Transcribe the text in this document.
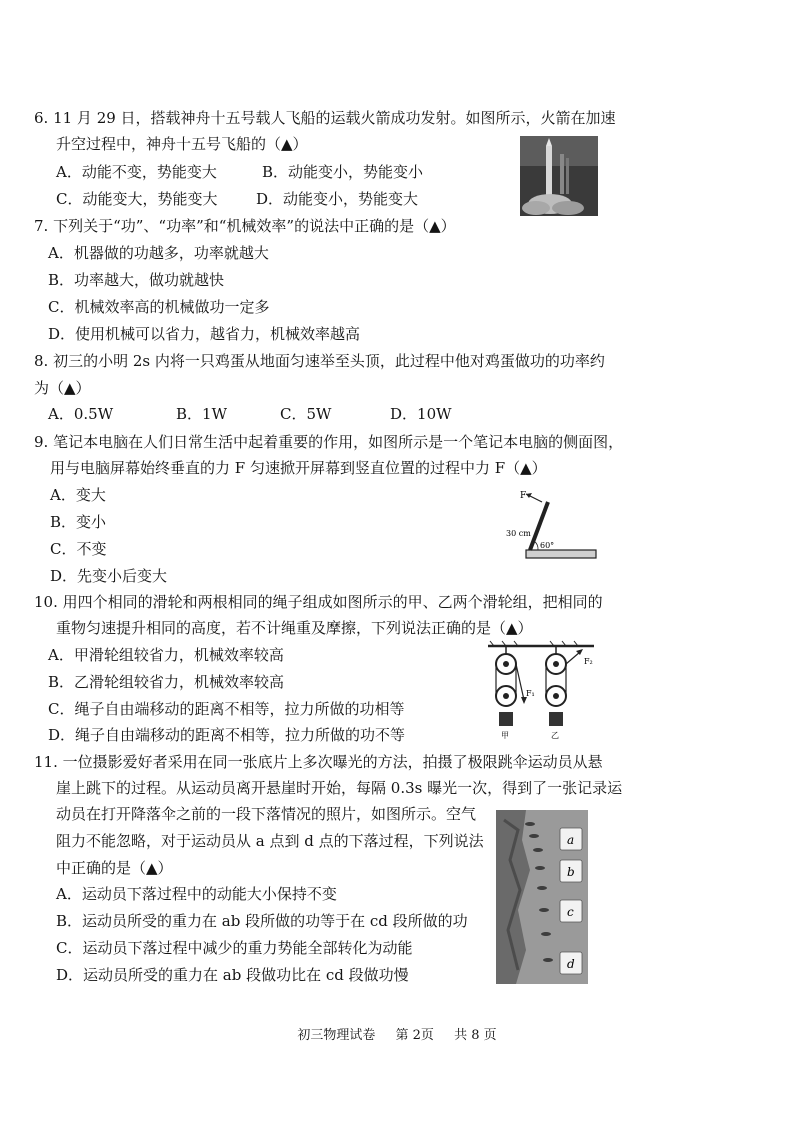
6. 11 月 29 日，搭载神舟十五号载人飞船的运载火箭成功发射。如图所示，火箭在加速
升空过程中，神舟十五号飞船的（▲）
A．动能不变，势能变大	B．动能变小，势能变小
C．动能变大，势能变大	D．动能变小，势能变大
7. 下列关于“功”、“功率”和“机械效率”的说法中正确的是（▲）
A．机器做的功越多，功率就越大
B．功率越大，做功就越快
C．机械效率高的机械做功一定多
D．使用机械可以省力，越省力，机械效率越高
8. 初三的小明 2s 内将一只鸡蛋从地面匀速举至头顶，此过程中他对鸡蛋做功的功率约
为（▲）
A．0.5W	B．1W	C．5W	D．10W
9. 笔记本电脑在人们日常生活中起着重要的作用，如图所示是一个笔记本电脑的侧面图，
用与电脑屏幕始终垂直的力 F 匀速掀开屏幕到竖直位置的过程中力 F（▲）
A．变大
B．变小
C．不变
D．先变小后变大
F
30 cm
60°
10. 用四个相同的滑轮和两根相同的绳子组成如图所示的甲、乙两个滑轮组，把相同的
重物匀速提升相同的高度，若不计绳重及摩擦，下列说法正确的是（▲）
A．甲滑轮组较省力，机械效率较高
B．乙滑轮组较省力，机械效率较高
C．绳子自由端移动的距离不相等，拉力所做的功相等
D．绳子自由端移动的距离不相等，拉力所做的功不等
F₁
甲
F₂
乙
11. 一位摄影爱好者采用在同一张底片上多次曝光的方法，拍摄了极限跳伞运动员从悬
崖上跳下的过程。从运动员离开悬崖时开始，每隔 0.3s 曝光一次，得到了一张记录运
动员在打开降落伞之前的一段下落情况的照片，如图所示。空气
阻力不能忽略，对于运动员从 a 点到 d 点的下落过程，下列说法
中正确的是（▲）
A．运动员下落过程中的动能大小保持不变
B．运动员所受的重力在 ab 段所做的功等于在 cd 段所做的功
C．运动员下落过程中减少的重力势能全部转化为动能
D．运动员所受的重力在 ab 段做功比在 cd 段做功慢
a
b
c
d
初三物理试卷 第 2页 共 8 页
